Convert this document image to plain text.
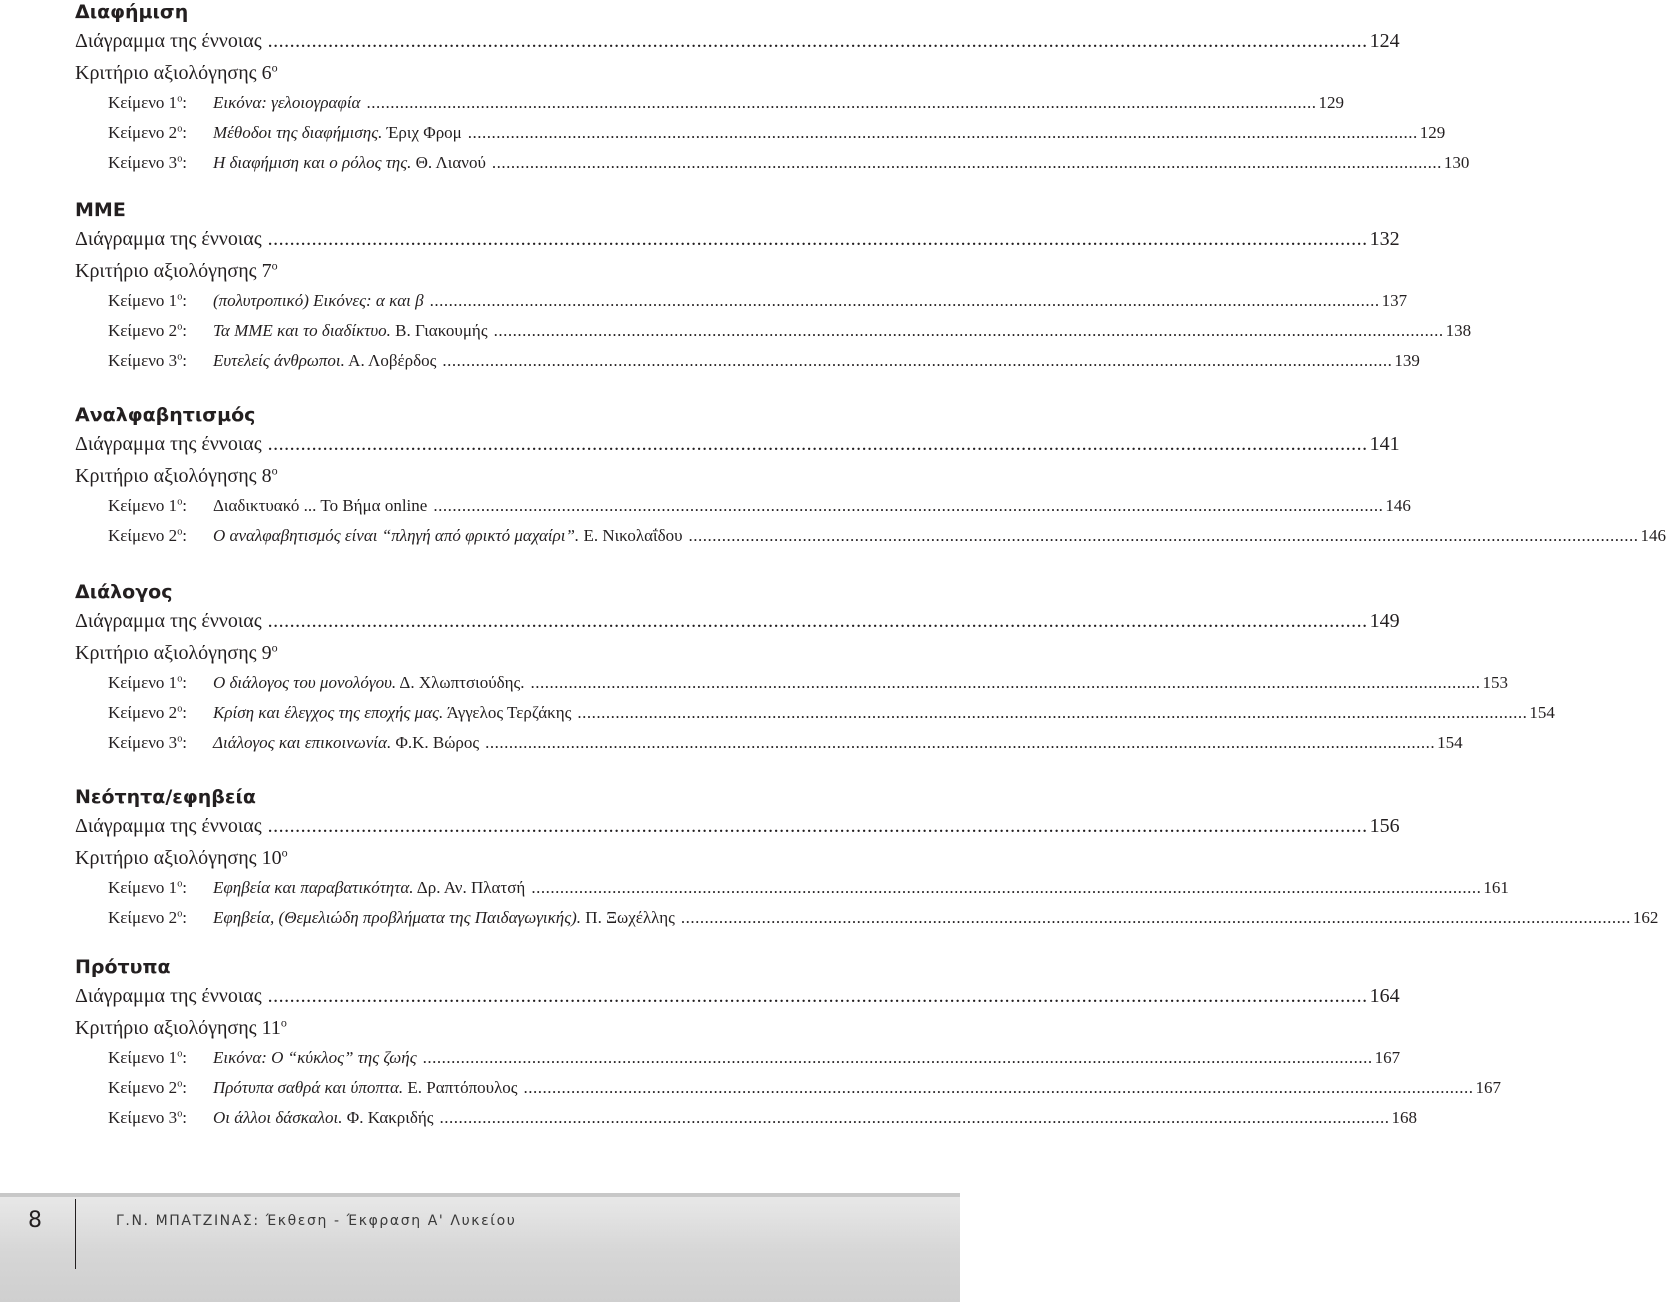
Διαφήμιση
Διάγραμμα της έννοιας ........................................................................................................................................................................................................ 124
Κριτήριο αξιολόγησης $6^o$
Κείμενο $1^o$:	Εικόνα: γελοιογραφία ........................................................................................................................................................................................................ 129
Κείμενο $2^o$:	Μέθοδοι της διαφήμισης. Έριχ Φρομ ........................................................................................................................................................................................................ 129
Κείμενο $3^o$:	Η διαφήμιση και ο ρόλος της. Θ. Λιανού ........................................................................................................................................................................................................ 130
ΜΜΕ
Διάγραμμα της έννοιας ........................................................................................................................................................................................................ 132
Κριτήριο αξιολόγησης $7^o$
Κείμενο $1^o$:	(πολυτροπικό) Εικόνες: α και β ........................................................................................................................................................................................................ 137
Κείμενο $2^o$:	Τα ΜΜΕ και το διαδίκτυο. Β. Γιακουμής ........................................................................................................................................................................................................ 138
Κείμενο $3^o$:	Ευτελείς άνθρωποι. Α. Λοβέρδος ........................................................................................................................................................................................................ 139
Αναλφαβητισμός
Διάγραμμα της έννοιας ........................................................................................................................................................................................................ 141
Κριτήριο αξιολόγησης $8^o$
Κείμενο $1^o$:	Διαδικτυακό ... Το Βήμα online ........................................................................................................................................................................................................ 146
Κείμενο $2^o$:	Ο αναλφαβητισμός είναι “πληγή από φρικτό μαχαίρι”. Ε. Νικολαΐδου ........................................................................................................................................................................................................ 146
Διάλογος
Διάγραμμα της έννοιας ........................................................................................................................................................................................................ 149
Κριτήριο αξιολόγησης $9^o$
Κείμενο $1^o$:	Ο διάλογος του μονολόγου. Δ. Χλωπτσιούδης. ........................................................................................................................................................................................................ 153
Κείμενο $2^o$:	Κρίση και έλεγχος της εποχής μας. Άγγελος Τερζάκης ........................................................................................................................................................................................................ 154
Κείμενο $3^o$:	Διάλογος και επικοινωνία. Φ.Κ. Βώρος ........................................................................................................................................................................................................ 154
Νεότητα/εφηβεία
Διάγραμμα της έννοιας ........................................................................................................................................................................................................ 156
Κριτήριο αξιολόγησης $10^o$
Κείμενο $1^o$:	Εφηβεία και παραβατικότητα. Δρ. Αν. Πλατσή ........................................................................................................................................................................................................ 161
Κείμενο $2^o$:	Εφηβεία, (Θεμελιώδη προβλήματα της Παιδαγωγικής). Π. Ξωχέλλης ........................................................................................................................................................................................................ 162
Πρότυπα
Διάγραμμα της έννοιας ........................................................................................................................................................................................................ 164
Κριτήριο αξιολόγησης $11^o$
Κείμενο $1^o$:	Εικόνα: Ο “κύκλος” της ζωής ........................................................................................................................................................................................................ 167
Κείμενο $2^o$:	Πρότυπα σαθρά και ύποπτα. Ε. Ραπτόπουλος ........................................................................................................................................................................................................ 167
Κείμενο $3^o$:	Οι άλλοι δάσκαλοι. Φ. Κακριδής ........................................................................................................................................................................................................ 168
8	Γ.Ν. ΜΠΑΤΖΙΝΑΣ: Έκθεση - Έκφραση Α' Λυκείου
